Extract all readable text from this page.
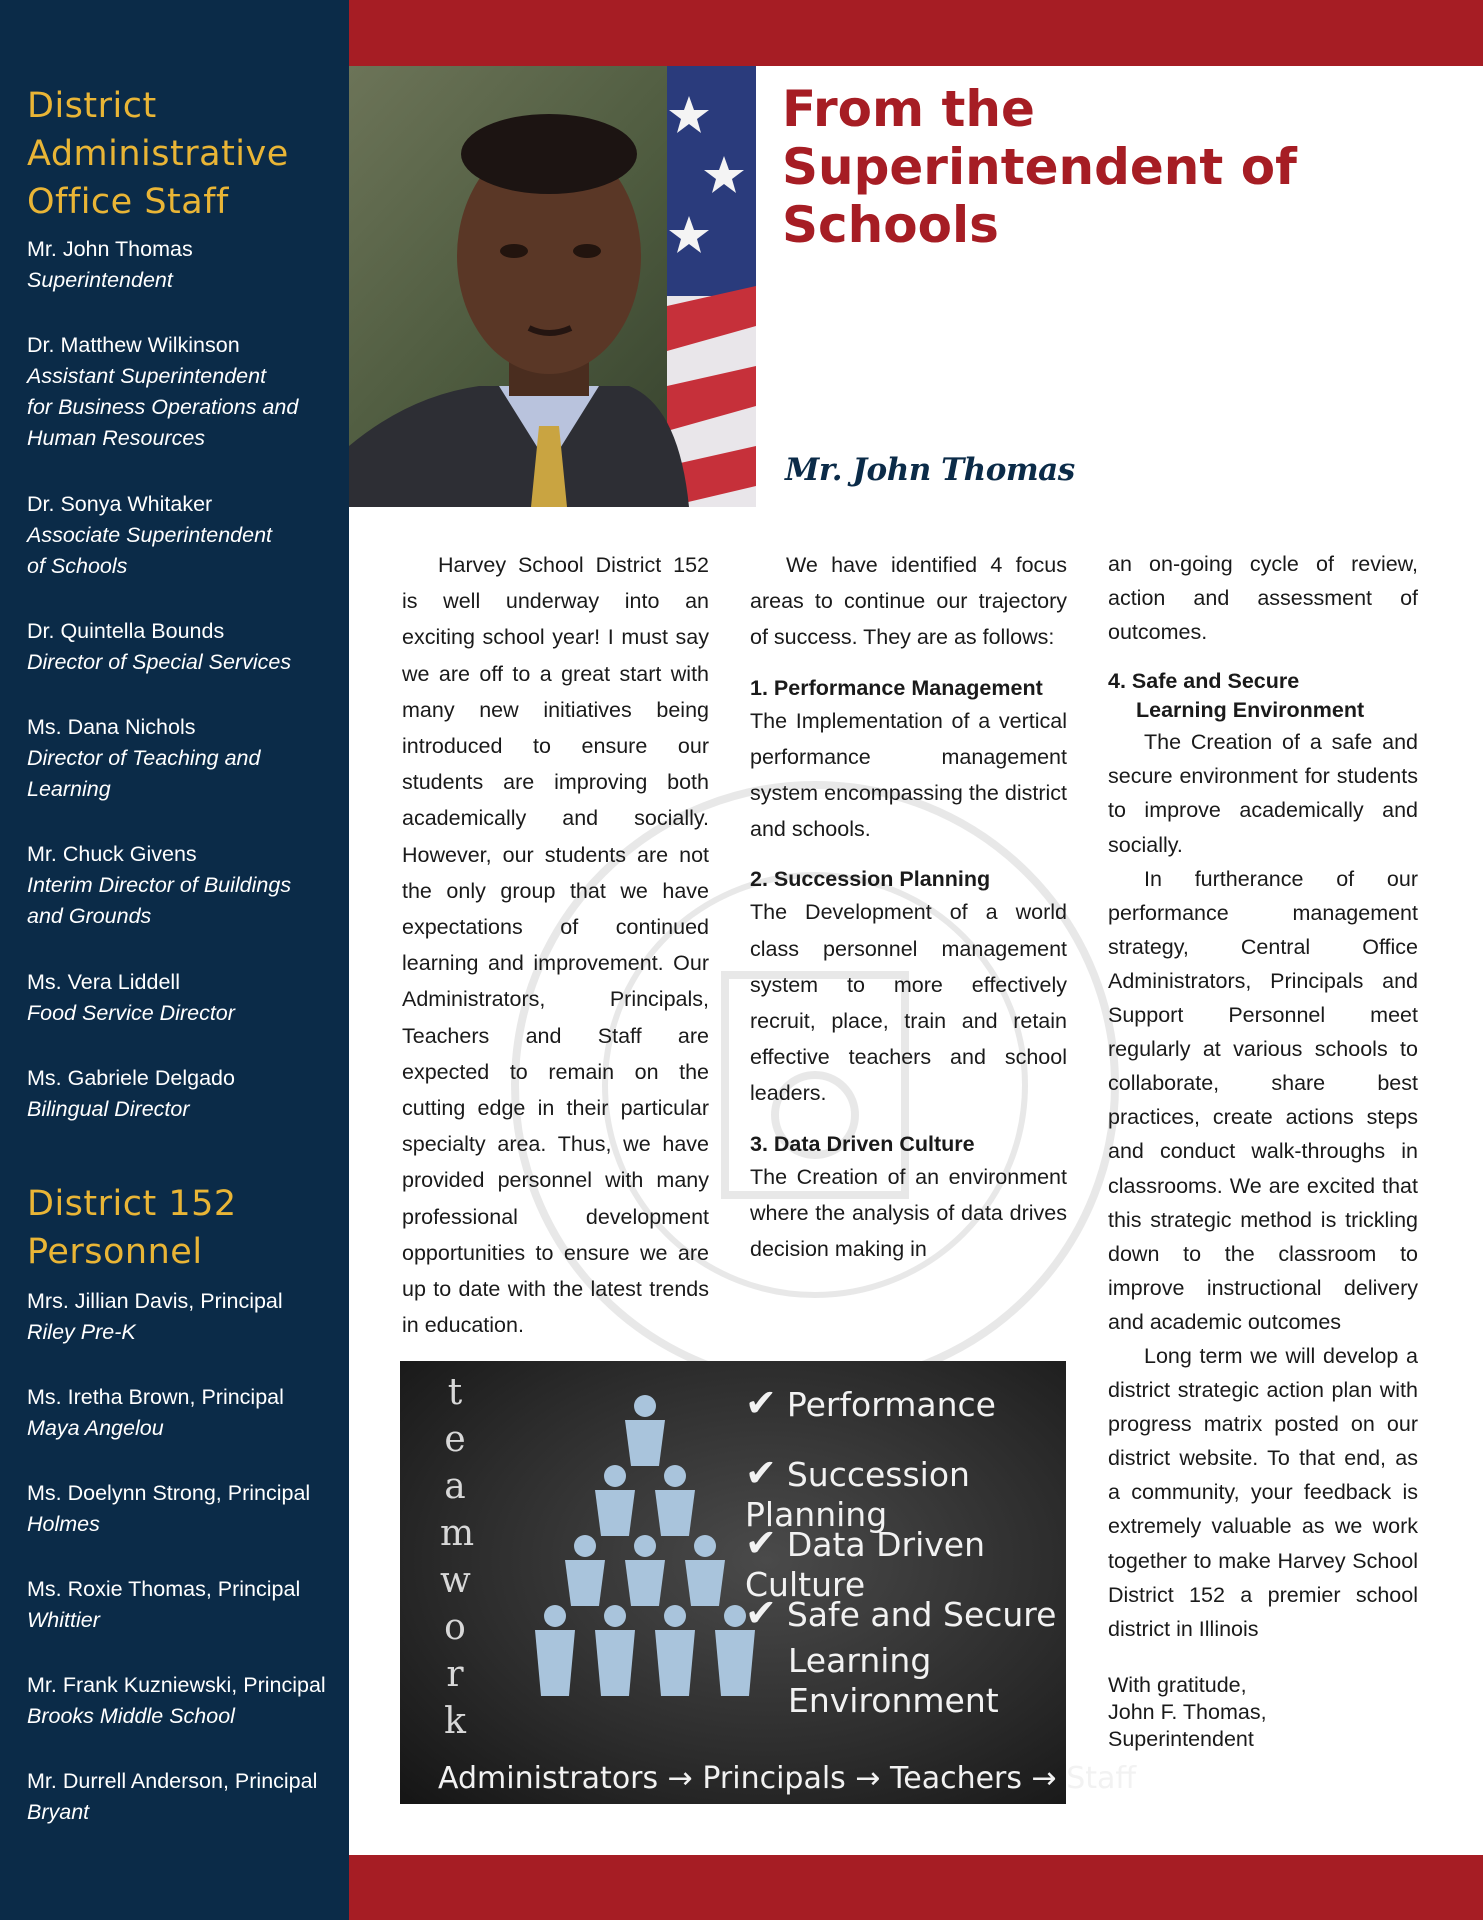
District
Administrative
Office Staff
Mr. John Thomas
Superintendent
Dr. Matthew Wilkinson
Assistant Superintendent
for Business Operations and
Human Resources
Dr. Sonya Whitaker
Associate Superintendent
of Schools
Dr. Quintella Bounds
Director of Special Services
Ms. Dana Nichols
Director of Teaching and
Learning
Mr. Chuck Givens
Interim Director of Buildings
and Grounds
Ms. Vera Liddell
Food Service Director
Ms. Gabriele Delgado
Bilingual Director
District 152
Personnel
Mrs. Jillian Davis, Principal
Riley Pre-K
Ms. Iretha Brown, Principal
Maya Angelou
Ms. Doelynn Strong, Principal
Holmes
Ms. Roxie Thomas, Principal
Whittier
Mr. Frank Kuzniewski, Principal
Brooks Middle School
Mr. Durrell Anderson, Principal
Bryant
From the
Superintendent of Schools
Mr. John Thomas

Harvey School District 152 is well underway into an exciting school year! I must say we are off to a great start with many new initiatives being introduced to ensure our students are improving both academically and socially. However, our students are not the only group that we have expectations of continued learning and improvement. Our Administrators, Principals, Teachers and Staff are expected to remain on the cutting edge in their particular specialty area. Thus, we have provided personnel with many professional development opportunities to ensure we are up to date with the latest trends in education.

We have identified 4 focus areas to continue our trajectory of success. They are as follows:

1. Performance Management

The Implementation of a vertical performance management system encompassing the district and schools.

2. Succession Planning

The Development of a world class personnel management system to more effectively recruit, place, train and retain effective teachers and school leaders.

3. Data Driven Culture

The Creation of an environment where the analysis of data drives decision making in

an on-going cycle of review, action and assessment of outcomes.

4. Safe and Secure

Learning Environment

The Creation of a safe and secure environment for students to improve academically and socially.

In furtherance of our performance management strategy, Central Office Administrators, Principals and Support Personnel meet regularly at various schools to collaborate, share best practices, create actions steps and conduct walk-throughs in classrooms. We are excited that this strategic method is trickling down to the classroom to improve instructional delivery and academic outcomes

Long term we will develop a district strategic action plan with progress matrix posted on our district website. To that end, as a community, your feedback is extremely valuable as we work together to make Harvey School District 152 a premier school district in Illinois

With gratitude,
John F. Thomas,
Superintendent

t
e
a
m
w
o
r
k
✔ Performance
✔ Succession Planning
✔ Data Driven Culture
✔ Safe and Secure
Learning Environment
Administrators → Principals → Teachers → Staff
